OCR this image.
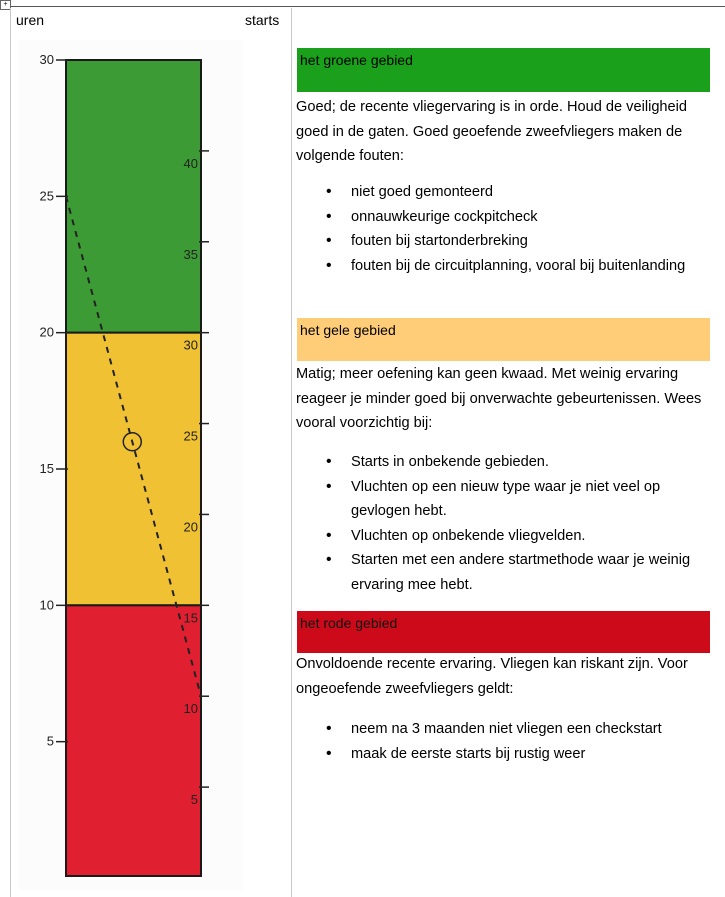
+
uren	starts
5
10
15
20
25
30
5
10
15
20
25
30
35
40
het groene gebied
Goed; de recente vliegervaring is in orde. Houd de veiligheid goed in de gaten. Goed geoefende zweefvliegers maken de volgende fouten:
• niet goed gemonteerd
• onnauwkeurige cockpitcheck
• fouten bij startonderbreking
• fouten bij de circuitplanning, vooral bij buitenlanding
het gele gebied
Matig; meer oefening kan geen kwaad. Met weinig ervaring reageer je minder goed bij onverwachte gebeurtenissen. Wees vooral voorzichtig bij:
• Starts in onbekende gebieden.
• Vluchten op een nieuw type waar je niet veel op gevlogen hebt.
• Vluchten op onbekende vliegvelden.
• Starten met een andere startmethode waar je weinig ervaring mee hebt.
het rode gebied
Onvoldoende recente ervaring. Vliegen kan riskant zijn. Voor ongeoefende zweefvliegers geldt:
• neem na 3 maanden niet vliegen een checkstart
• maak de eerste starts bij rustig weer
